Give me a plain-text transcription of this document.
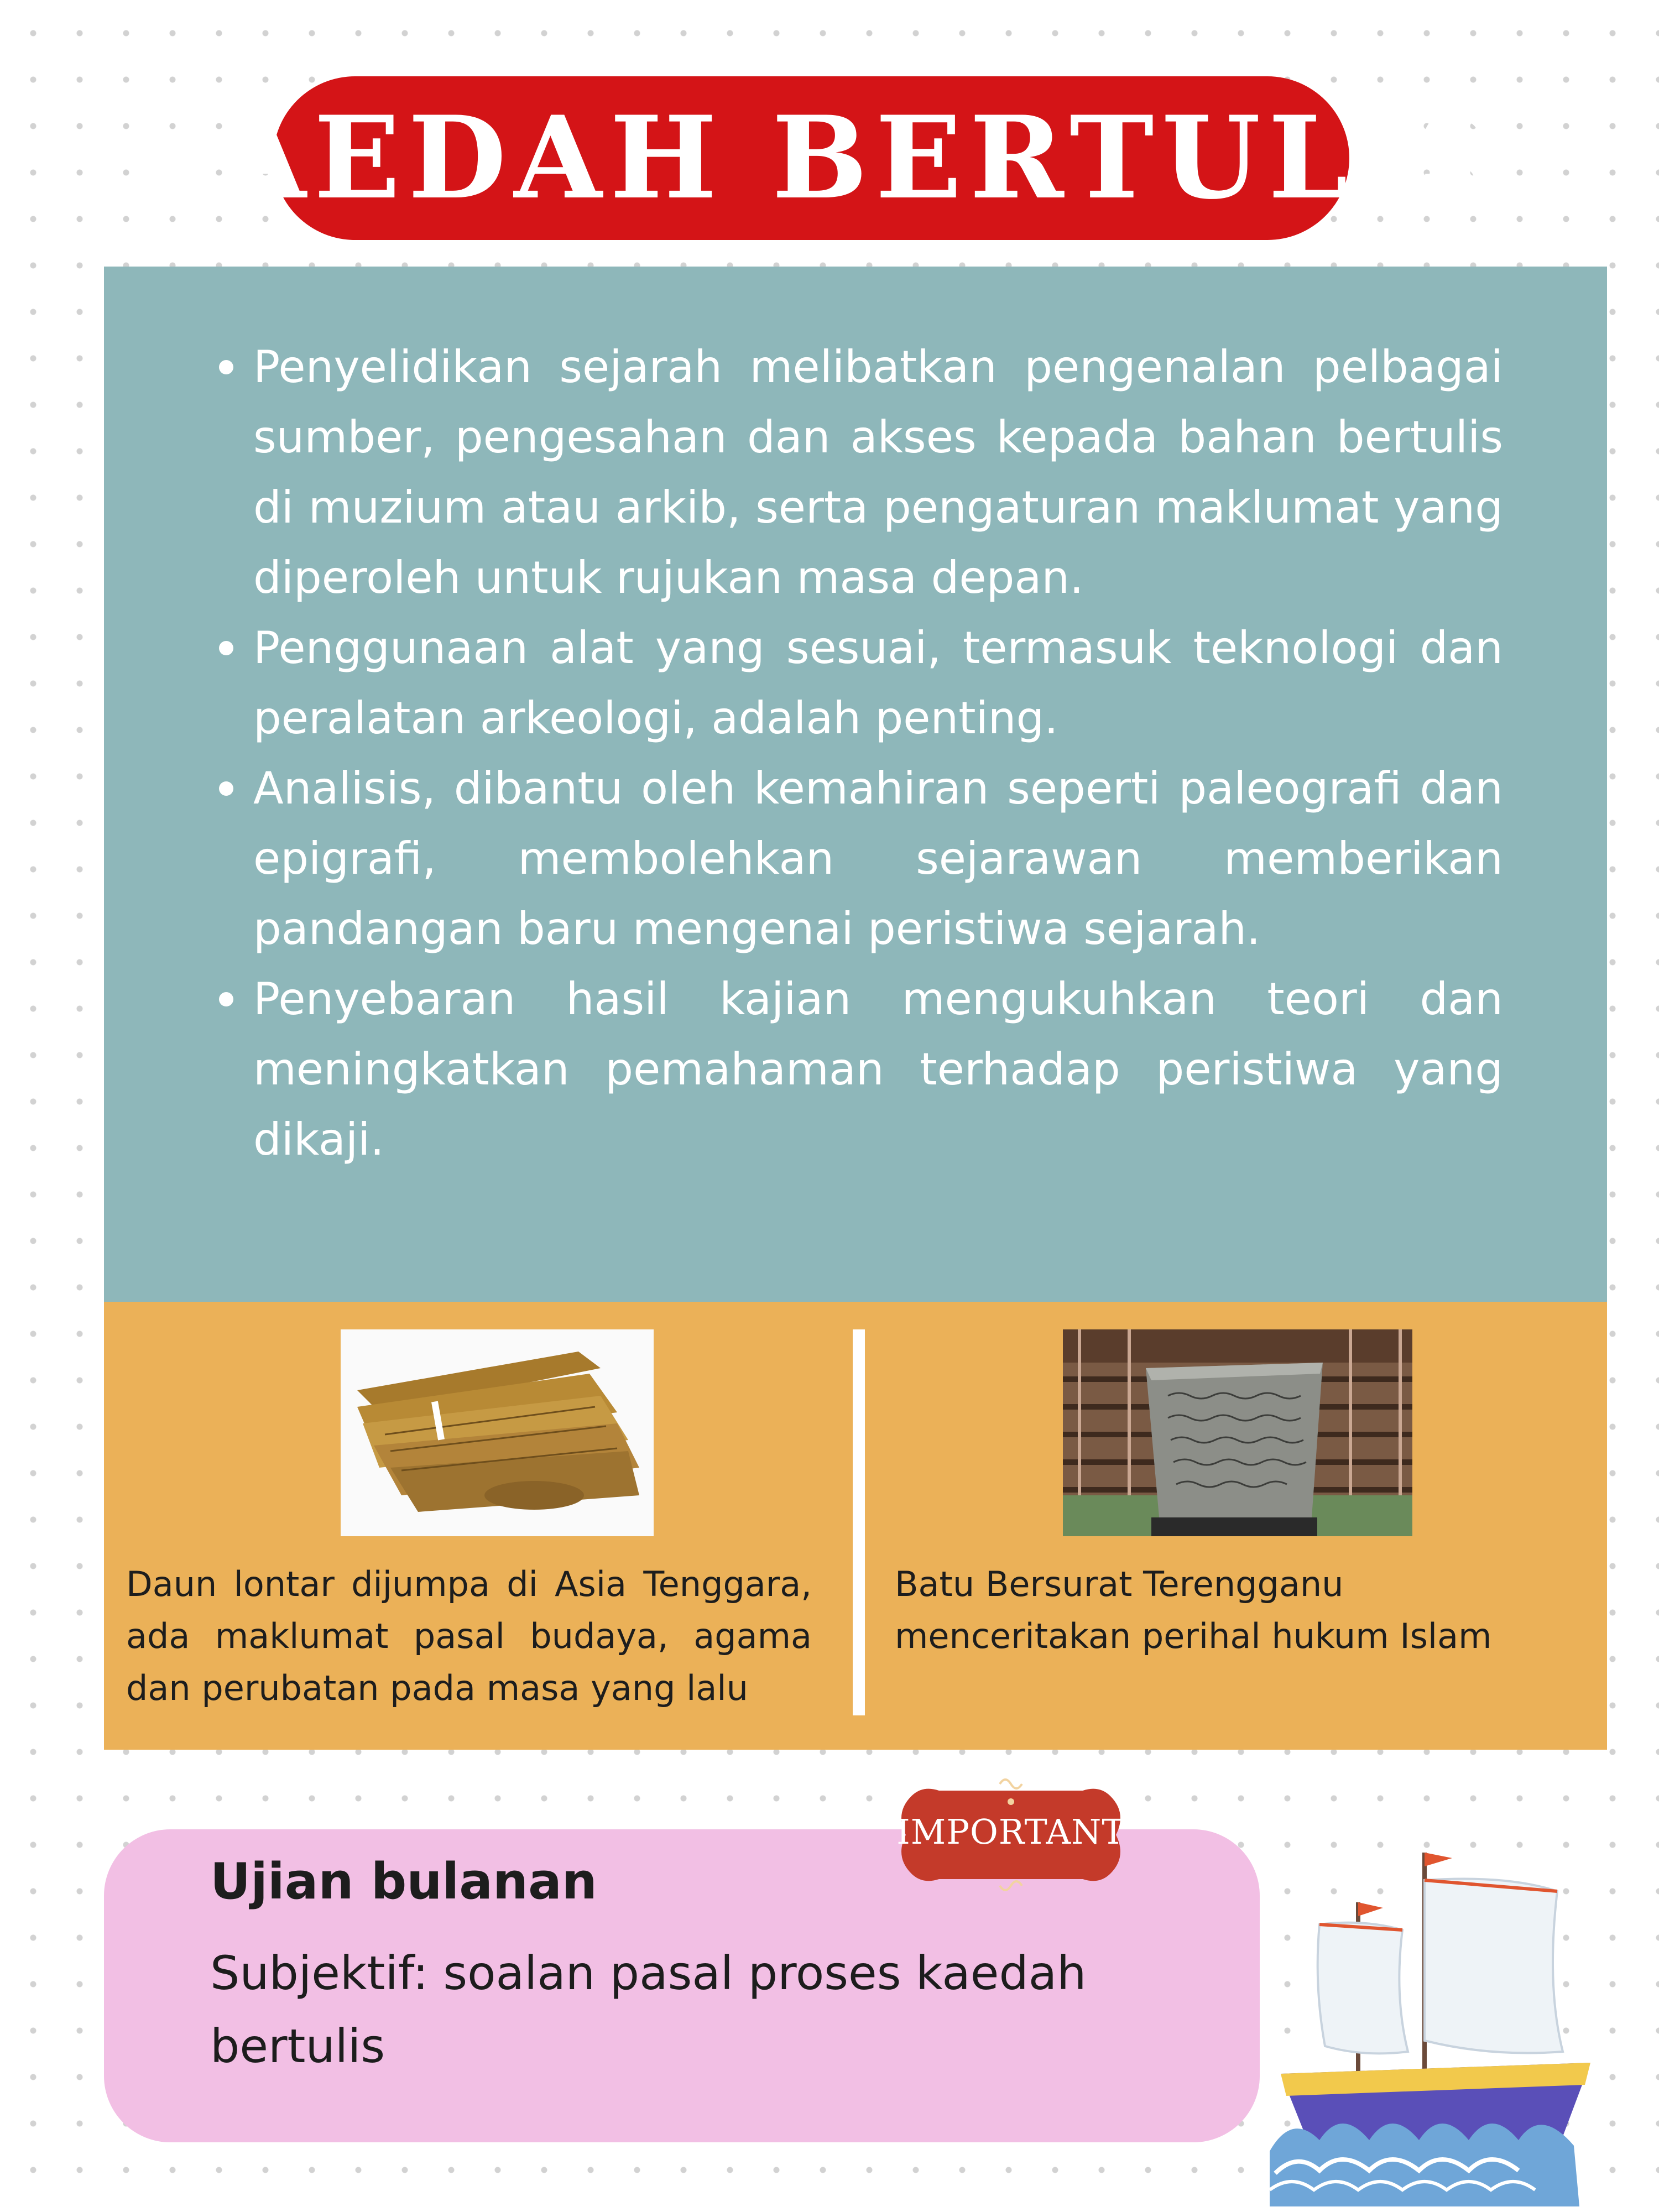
KAEDAH BERTULIS
Penyelidikan sejarah melibatkan pengenalan pelbagai sumber, pengesahan dan akses kepada bahan bertulis di muzium atau arkib, serta pengaturan maklumat yang diperoleh untuk rujukan masa depan.
Penggunaan alat yang sesuai, termasuk teknologi dan peralatan arkeologi, adalah penting.
Analisis, dibantu oleh kemahiran seperti paleografi dan epigrafi, membolehkan sejarawan memberikan pandangan baru mengenai peristiwa sejarah.
Penyebaran hasil kajian mengukuhkan teori dan meningkatkan pemahaman terhadap peristiwa yang dikaji.
Daun lontar dijumpa di Asia Tenggara, ada maklumat pasal budaya, agama dan perubatan pada masa yang lalu
Batu Bersurat Terengganu menceritakan perihal hukum Islam
Ujian bulanan
Subjektif: soalan pasal proses kaedah bertulis
IMPORTANT
